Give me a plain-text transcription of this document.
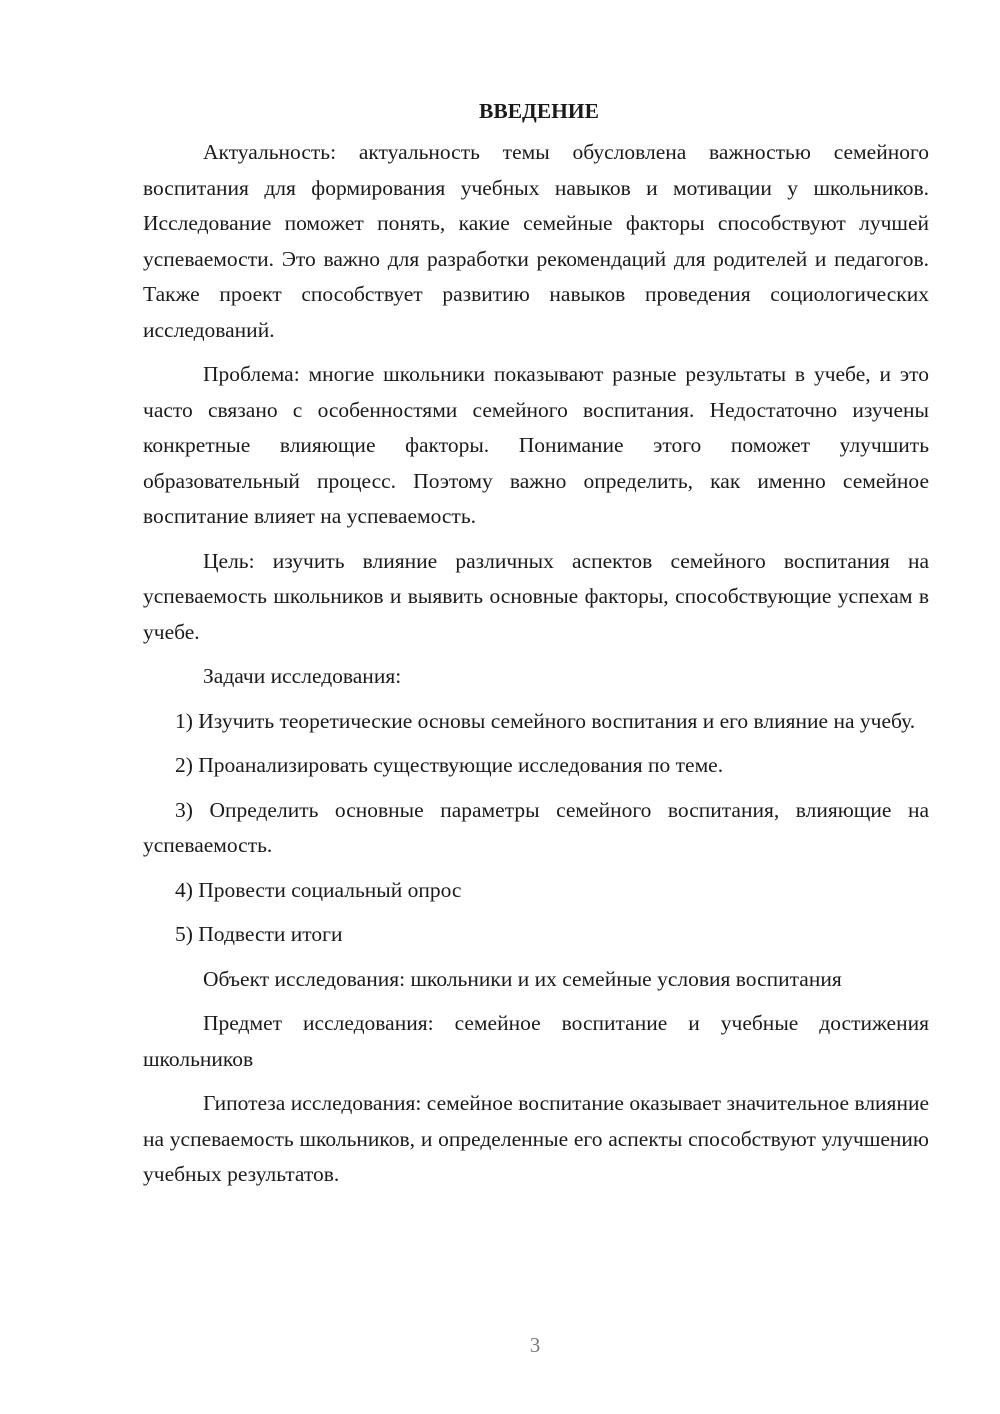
ВВЕДЕНИЕ

Актуальность: актуальность темы обусловлена важностью семейного воспитания для формирования учебных навыков и мотивации у школьников. Исследование поможет понять, какие семейные факторы способствуют лучшей успеваемости. Это важно для разработки рекомендаций для родителей и педагогов. Также проект способствует развитию навыков проведения социологических исследований.

Проблема: многие школьники показывают разные результаты в учебе, и это часто связано с особенностями семейного воспитания. Недостаточно изучены конкретные влияющие факторы. Понимание этого поможет улучшить образовательный процесс. Поэтому важно определить, как именно семейное воспитание влияет на успеваемость.

Цель: изучить влияние различных аспектов семейного воспитания на успеваемость школьников и выявить основные факторы, способствующие успехам в учебе.

Задачи исследования:

1) Изучить теоретические основы семейного воспитания и его влияние на учебу.

2) Проанализировать существующие исследования по теме.

3) Определить основные параметры семейного воспитания, влияющие на успеваемость.

4) Провести социальный опрос

5) Подвести итоги

Объект исследования: школьники и их семейные условия воспитания

Предмет исследования: семейное воспитание и учебные достижения школьников

Гипотеза исследования: семейное воспитание оказывает значительное влияние на успеваемость школьников, и определенные его аспекты способствуют улучшению учебных результатов.

3
